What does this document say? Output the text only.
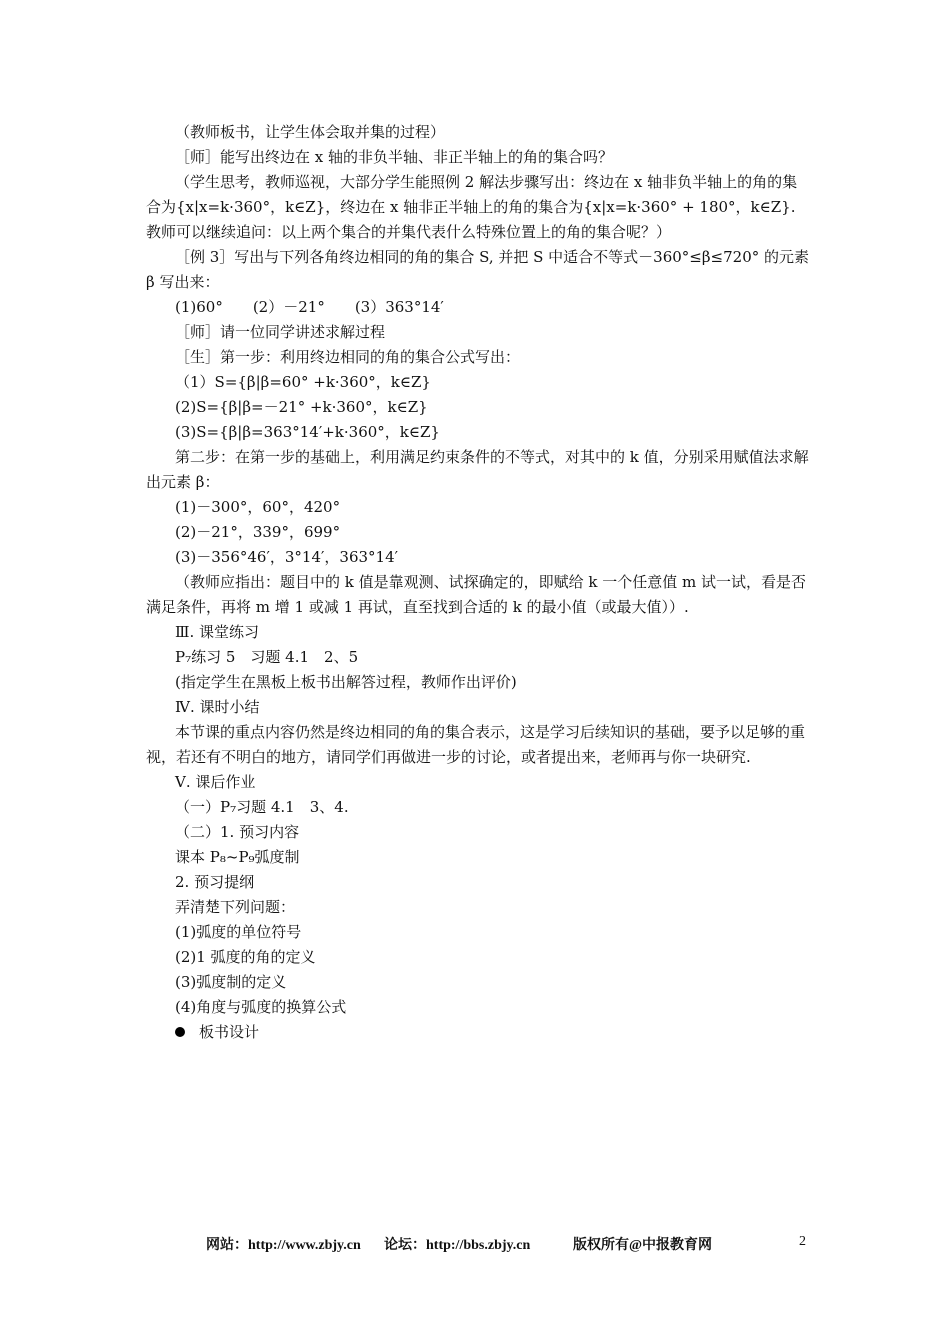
（教师板书，让学生体会取并集的过程）

［师］能写出终边在 x 轴的非负半轴、非正半轴上的角的集合吗？

（学生思考，教师巡视，大部分学生能照例 2 解法步骤写出：终边在 x 轴非负半轴上的角的集合为{x|x=k·360°，k∈Z}，终边在 x 轴非正半轴上的角的集合为{x|x=k·360° + 180°，k∈Z}. 教师可以继续追问：以上两个集合的并集代表什么特殊位置上的角的集合呢？）

［例 3］写出与下列各角终边相同的角的集合 S, 并把 S 中适合不等式－360°≤β≤720° 的元素 β 写出来：

(1)60°　　(2）－21°　　(3）363°14′

［师］请一位同学讲述求解过程

［生］第一步：利用终边相同的角的集合公式写出：

（1）S={β|β=60° +k·360°，k∈Z}

(2)S={β|β=－21° +k·360°，k∈Z}

(3)S={β|β=363°14′+k·360°，k∈Z}

第二步：在第一步的基础上，利用满足约束条件的不等式，对其中的 k 值，分别采用赋值法求解出元素 β：

(1)－300°，60°，420°

(2)－21°，339°，699°

(3)－356°46′，3°14′，363°14′

（教师应指出：题目中的 k 值是靠观测、试探确定的，即赋给 k 一个任意值 m 试一试，看是否满足条件，再将 m 增 1 或减 1 再试，直至找到合适的 k 的最小值（或最大值））.

Ⅲ. 课堂练习

P₇练习 5　习题 4.1　2、5

(指定学生在黑板上板书出解答过程，教师作出评价)

Ⅳ. 课时小结

本节课的重点内容仍然是终边相同的角的集合表示，这是学习后续知识的基础，要予以足够的重视，若还有不明白的地方，请同学们再做进一步的讨论，或者提出来，老师再与你一块研究.

Ⅴ. 课后作业

（一）P₇习题 4.1　3、4.

（二）1. 预习内容

课本 P₈~P₉弧度制

2. 预习提纲

弄清楚下列问题：

(1)弧度的单位符号

(2)1 弧度的角的定义

(3)弧度制的定义

(4)角度与弧度的换算公式

板书设计

网站：http://www.zbjy.cn 论坛：http://bbs.zbjy.cn	版权所有@中报教育网	2
